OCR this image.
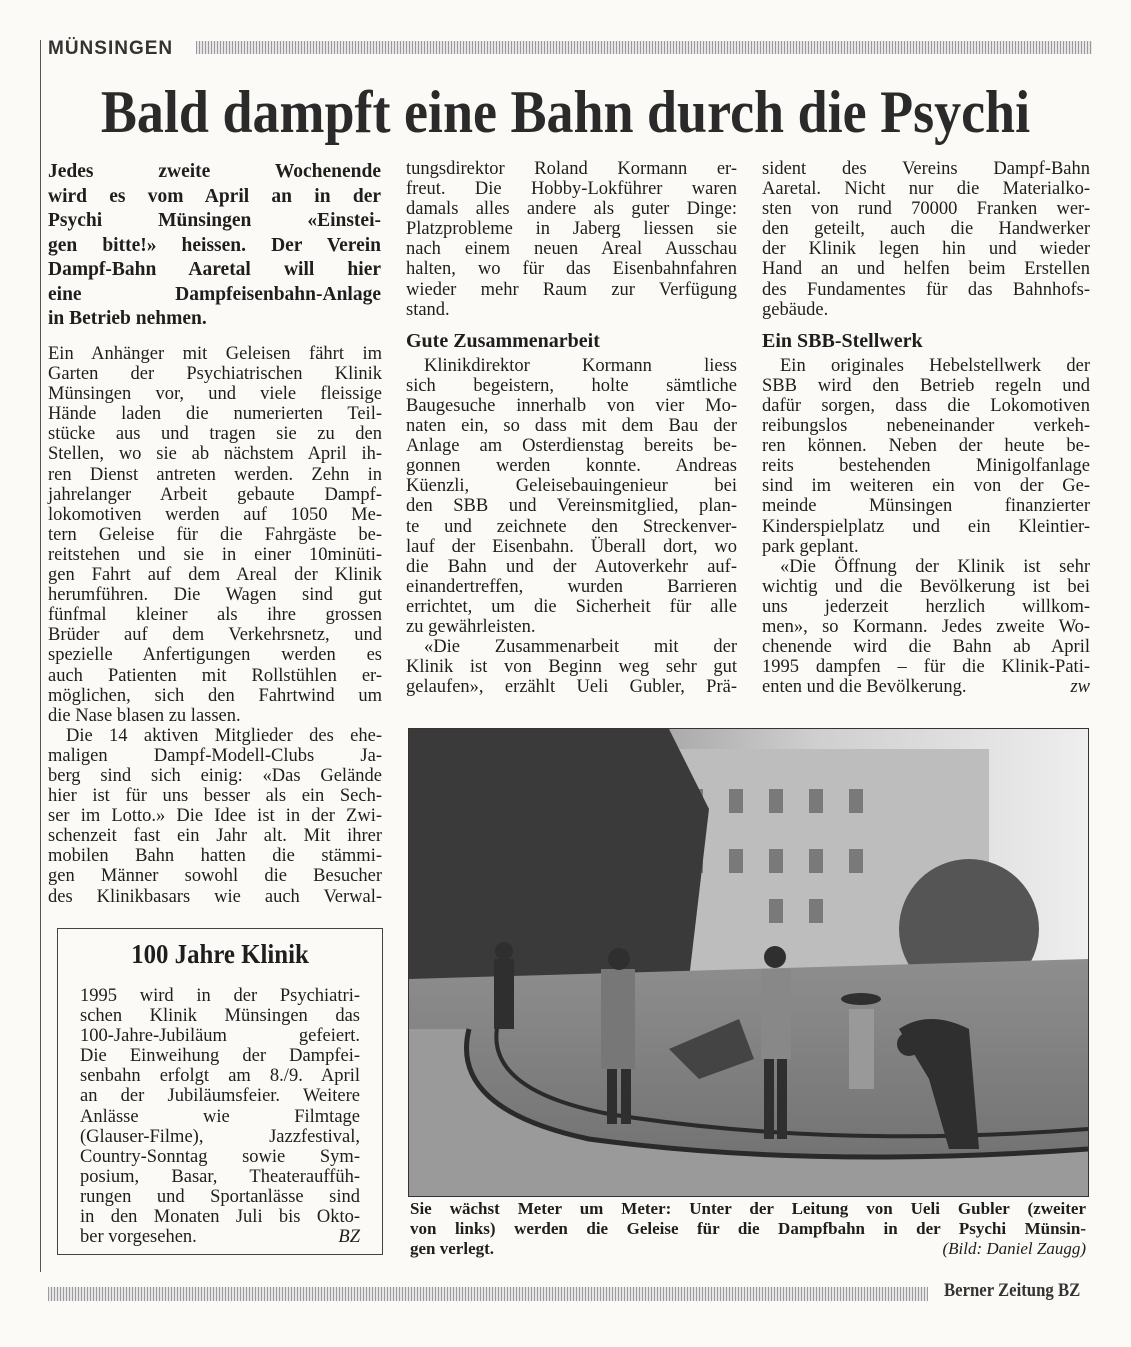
MÜNSINGEN
Bald dampft eine Bahn durch die Psychi
Jedes zweite Wochenende
wird es vom April an in der
Psychi Münsingen «Einstei-
gen bitte!» heissen. Der Verein
Dampf-Bahn Aaretal will hier
eine Dampfeisenbahn-Anlage
in Betrieb nehmen.
Ein Anhänger mit Geleisen fährt im
Garten der Psychiatrischen Klinik
Münsingen vor, und viele fleissige
Hände laden die numerierten Teil-
stücke aus und tragen sie zu den
Stellen, wo sie ab nächstem April ih-
ren Dienst antreten werden. Zehn in
jahrelanger Arbeit gebaute Dampf-
lokomotiven werden auf 1050 Me-
tern Geleise für die Fahrgäste be-
reitstehen und sie in einer 10minüti-
gen Fahrt auf dem Areal der Klinik
herumführen. Die Wagen sind gut
fünfmal kleiner als ihre grossen
Brüder auf dem Verkehrsnetz, und
spezielle Anfertigungen werden es
auch Patienten mit Rollstühlen er-
möglichen, sich den Fahrtwind um
die Nase blasen zu lassen.
Die 14 aktiven Mitglieder des ehe-
maligen Dampf-Modell-Clubs Ja-
berg sind sich einig: «Das Gelände
hier ist für uns besser als ein Sech-
ser im Lotto.» Die Idee ist in der Zwi-
schenzeit fast ein Jahr alt. Mit ihrer
mobilen Bahn hatten die stämmi-
gen Männer sowohl die Besucher
des Klinikbasars wie auch Verwal-
tungsdirektor Roland Kormann er-
freut. Die Hobby-Lokführer waren
damals alles andere als guter Dinge:
Platzprobleme in Jaberg liessen sie
nach einem neuen Areal Ausschau
halten, wo für das Eisenbahnfahren
wieder mehr Raum zur Verfügung
stand.
Gute Zusammenarbeit
Klinikdirektor Kormann liess
sich begeistern, holte sämtliche
Baugesuche innerhalb von vier Mo-
naten ein, so dass mit dem Bau der
Anlage am Osterdienstag bereits be-
gonnen werden konnte. Andreas
Küenzli, Geleisebauingenieur bei
den SBB und Vereinsmitglied, plan-
te und zeichnete den Streckenver-
lauf der Eisenbahn. Überall dort, wo
die Bahn und der Autoverkehr auf-
einandertreffen, wurden Barrieren
errichtet, um die Sicherheit für alle
zu gewährleisten.
«Die Zusammenarbeit mit der
Klinik ist von Beginn weg sehr gut
gelaufen», erzählt Ueli Gubler, Prä-
sident des Vereins Dampf-Bahn
Aaretal. Nicht nur die Materialko-
sten von rund 70000 Franken wer-
den geteilt, auch die Handwerker
der Klinik legen hin und wieder
Hand an und helfen beim Erstellen
des Fundamentes für das Bahnhofs-
gebäude.
Ein SBB-Stellwerk
Ein originales Hebelstellwerk der
SBB wird den Betrieb regeln und
dafür sorgen, dass die Lokomotiven
reibungslos nebeneinander verkeh-
ren können. Neben der heute be-
reits bestehenden Minigolfanlage
sind im weiteren ein von der Ge-
meinde Münsingen finanzierter
Kinderspielplatz und ein Kleintier-
park geplant.
«Die Öffnung der Klinik ist sehr
wichtig und die Bevölkerung ist bei
uns jederzeit herzlich willkom-
men», so Kormann. Jedes zweite Wo-
chenende wird die Bahn ab April
1995 dampfen – für die Klinik-Pati-
enten und die Bevölkerung.	zw
100 Jahre Klinik
1995 wird in der Psychiatri-
schen Klinik Münsingen das
100-Jahre-Jubiläum gefeiert.
Die Einweihung der Dampfei-
senbahn erfolgt am 8./9. April
an der Jubiläumsfeier. Weitere
Anlässe wie Filmtage
(Glauser-Filme), Jazzfestival,
Country-Sonntag sowie Sym-
posium, Basar, Theaterauffüh-
rungen und Sportanlässe sind
in den Monaten Juli bis Okto-
ber vorgesehen.	BZ
Sie wächst Meter um Meter: Unter der Leitung von Ueli Gubler (zweiter
von links) werden die Geleise für die Dampfbahn in der Psychi Münsin-
gen verlegt.	(Bild: Daniel Zaugg)
Berner Zeitung BZ
